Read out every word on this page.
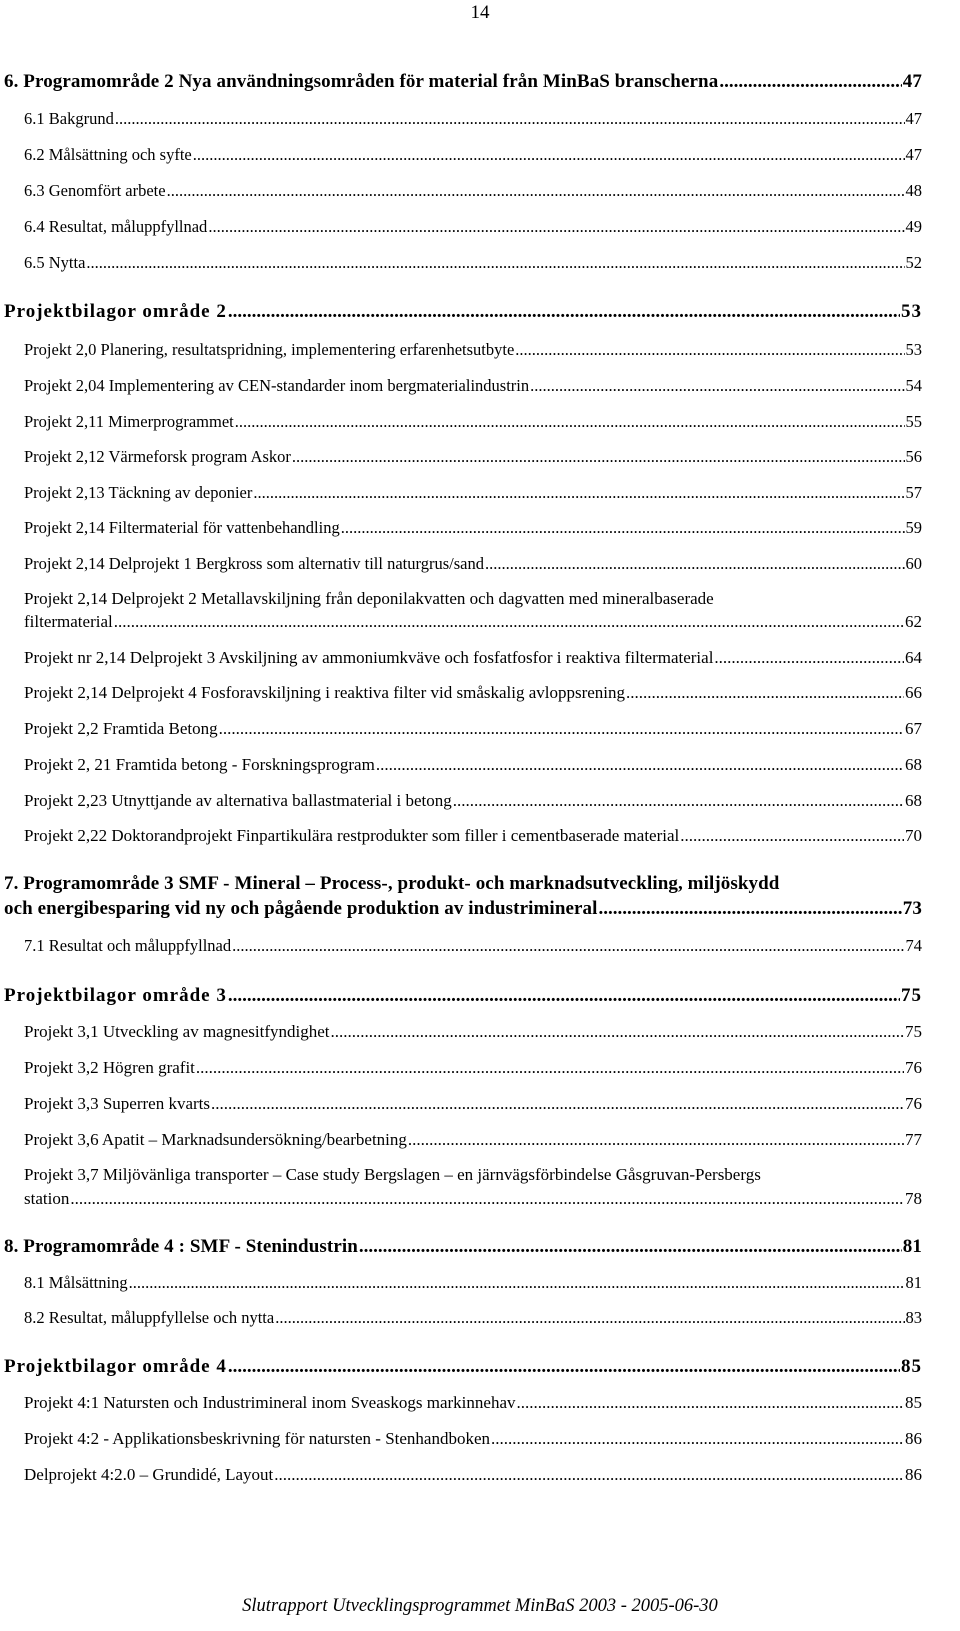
14
6. Programområde 2 Nya användningsområden för material från MinBaS branscherna .....	47
6.1 Bakgrund .....	47
6.2 Målsättning och syfte .....	47
6.3 Genomfört arbete .....	48
6.4 Resultat, måluppfyllnad .....	49
6.5 Nytta .....	52
Projektbilagor område 2 .....	53
Projekt 2,0 Planering, resultatspridning, implementering erfarenhetsutbyte .....	53
Projekt 2,04 Implementering av CEN-standarder inom bergmaterialindustrin .....	54
Projekt 2,11 Mimerprogrammet .....	55
Projekt 2,12 Värmeforsk program Askor .....	56
Projekt 2,13 Täckning av deponier .....	57
Projekt 2,14 Filtermaterial för vattenbehandling .....	59
Projekt 2,14 Delprojekt 1 Bergkross som alternativ till naturgrus/sand .....	60
Projekt 2,14 Delprojekt 2 Metallavskiljning från deponilakvatten och dagvatten med mineralbaserade
filtermaterial .....	62
Projekt nr 2,14 Delprojekt 3 Avskiljning av ammoniumkväve och fosfatfosfor i reaktiva filtermaterial .....	64
Projekt 2,14 Delprojekt 4 Fosforavskiljning i reaktiva filter vid småskalig avloppsrening .....	66
Projekt 2,2 Framtida Betong .....	67
Projekt 2, 21 Framtida betong - Forskningsprogram .....	68
Projekt 2,23 Utnyttjande av alternativa ballastmaterial i betong .....	68
Projekt 2,22 Doktorandprojekt Finpartikulära restprodukter som filler i cementbaserade material .....	70
7. Programområde 3 SMF - Mineral – Process-, produkt- och marknadsutveckling, miljöskydd
och energibesparing vid ny och pågående produktion av industrimineral .....	73
7.1 Resultat och måluppfyllnad .....	74
Projektbilagor område 3 .....	75
Projekt 3,1 Utveckling av magnesitfyndighet .....	75
Projekt 3,2 Högren grafit .....	76
Projekt 3,3 Superren kvarts .....	76
Projekt 3,6 Apatit – Marknadsundersökning/bearbetning .....	77
Projekt 3,7 Miljövänliga transporter – Case study Bergslagen – en järnvägsförbindelse Gåsgruvan-Persbergs
station .....	78
8. Programområde 4 : SMF - Stenindustrin .....	81
8.1 Målsättning .....	81
8.2 Resultat, måluppfyllelse och nytta .....	83
Projektbilagor område 4 .....	85
Projekt 4:1 Natursten och Industrimineral inom Sveaskogs markinnehav .....	85
Projekt 4:2 - Applikationsbeskrivning för natursten - Stenhandboken .....	86
Delprojekt 4:2.0 – Grundidé, Layout .....	86
Slutrapport Utvecklingsprogrammet MinBaS 2003 - 2005-06-30
